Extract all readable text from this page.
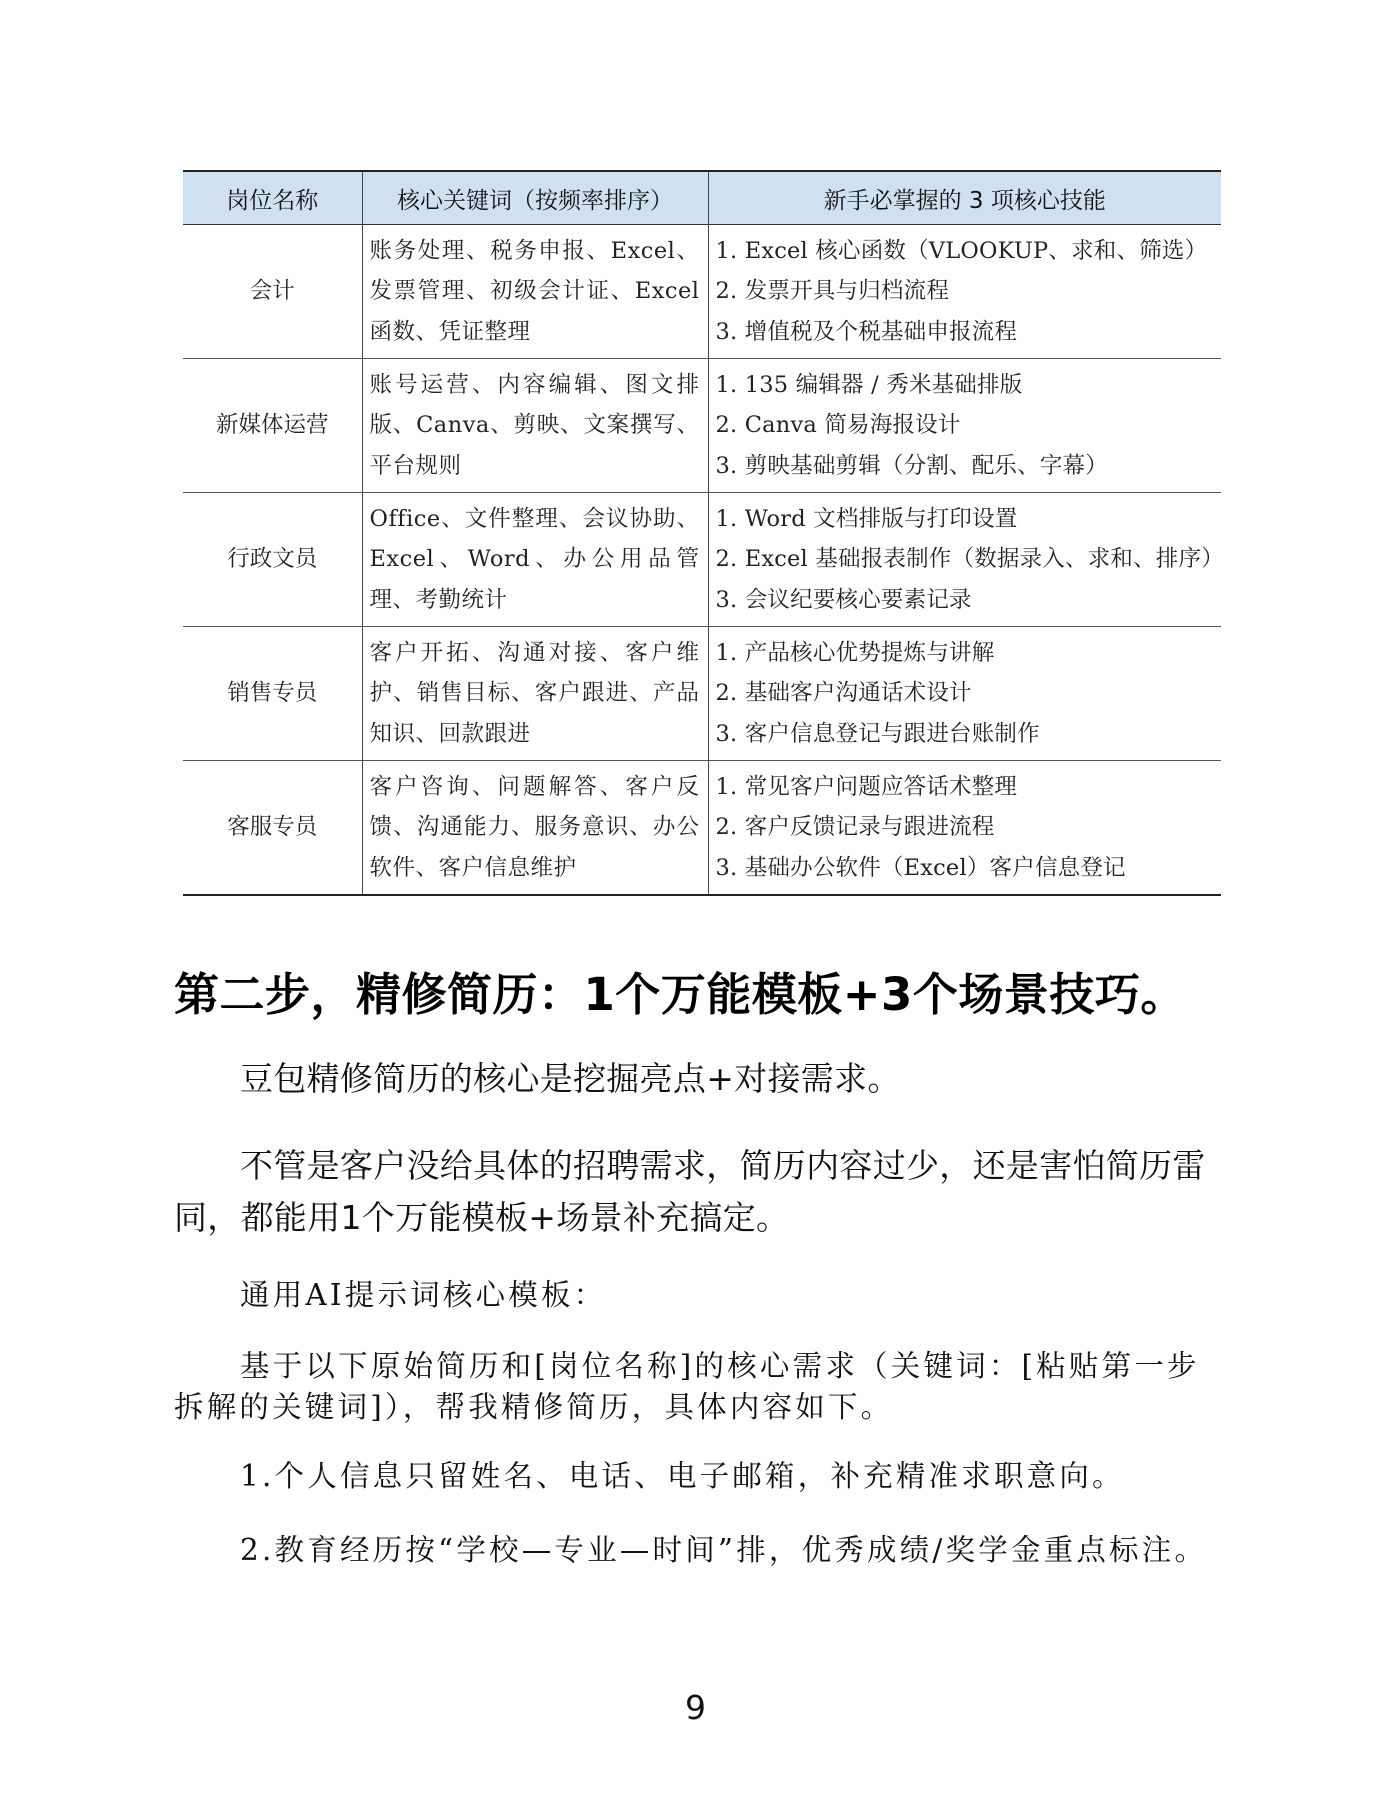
岗位名称	核心关键词（按频率排序）	新手必掌握的 3 项核心技能
会计	账务处理、税务申报、Excel、发票管理、初级会计证、Excel 函数、凭证整理	1. Excel 核心函数（VLOOKUP、求和、筛选）
2. 发票开具与归档流程
3. 增值税及个税基础申报流程

新媒体运营	账号运营、内容编辑、图文排版、Canva、剪映、文案撰写、平台规则	1. 135 编辑器 / 秀米基础排版
2. Canva 简易海报设计
3. 剪映基础剪辑（分割、配乐、字幕）

行政文员	Office、文件整理、会议协助、Excel、Word、办公用品管理、考勤统计	1. Word 文档排版与打印设置
2. Excel 基础报表制作（数据录入、求和、排序）
3. 会议纪要核心要素记录

销售专员	客户开拓、沟通对接、客户维护、销售目标、客户跟进、产品知识、回款跟进	1. 产品核心优势提炼与讲解
2. 基础客户沟通话术设计
3. 客户信息登记与跟进台账制作

客服专员	客户咨询、问题解答、客户反馈、沟通能力、服务意识、办公软件、客户信息维护	1. 常见客户问题应答话术整理
2. 客户反馈记录与跟进流程
3. 基础办公软件（Excel）客户信息登记
第二步，精修简历：1个万能模板+3个场景技巧。

豆包精修简历的核心是挖掘亮点+对接需求。

不管是客户没给具体的招聘需求，简历内容过少，还是害怕简历雷同，都能用1个万能模板+场景补充搞定。

通用AI提示词核心模板：

基于以下原始简历和[岗位名称]的核心需求（关键词：[粘贴第一步拆解的关键词]），帮我精修简历，具体内容如下。

1.个人信息只留姓名、电话、电子邮箱，补充精准求职意向。

2.教育经历按“学校—专业—时间”排，优秀成绩/奖学金重点标注。

9
